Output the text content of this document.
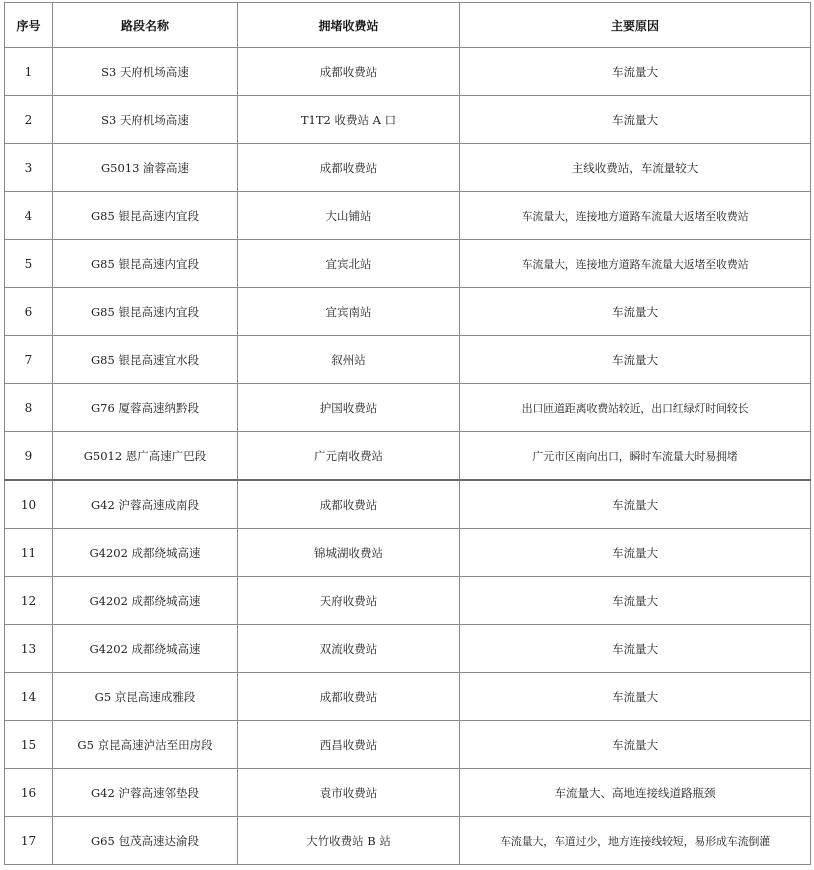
序号	路段名称	拥堵收费站	主要原因
1	S3 天府机场高速	成都收费站	车流量大
2	S3 天府机场高速	T1T2 收费站 A 口	车流量大
3	G5013 渝蓉高速	成都收费站	主线收费站，车流量较大
4	G85 银昆高速内宜段	大山铺站	车流量大，连接地方道路车流量大返堵至收费站
5	G85 银昆高速内宜段	宜宾北站	车流量大，连接地方道路车流量大返堵至收费站
6	G85 银昆高速内宜段	宜宾南站	车流量大
7	G85 银昆高速宜水段	叙州站	车流量大
8	G76 厦蓉高速纳黔段	护国收费站	出口匝道距离收费站较近，出口红绿灯时间较长
9	G5012 恩广高速广巴段	广元南收费站	广元市区南向出口，瞬时车流量大时易拥堵
10	G42 沪蓉高速成南段	成都收费站	车流量大
11	G4202 成都绕城高速	锦城湖收费站	车流量大
12	G4202 成都绕城高速	天府收费站	车流量大
13	G4202 成都绕城高速	双流收费站	车流量大
14	G5 京昆高速成雅段	成都收费站	车流量大
15	G5 京昆高速泸沽至田房段	西昌收费站	车流量大
16	G42 沪蓉高速邻垫段	袁市收费站	车流量大、高地连接线道路瓶颈
17	G65 包茂高速达渝段	大竹收费站 B 站	车流量大，车道过少，地方连接线较短，易形成车流倒灌
